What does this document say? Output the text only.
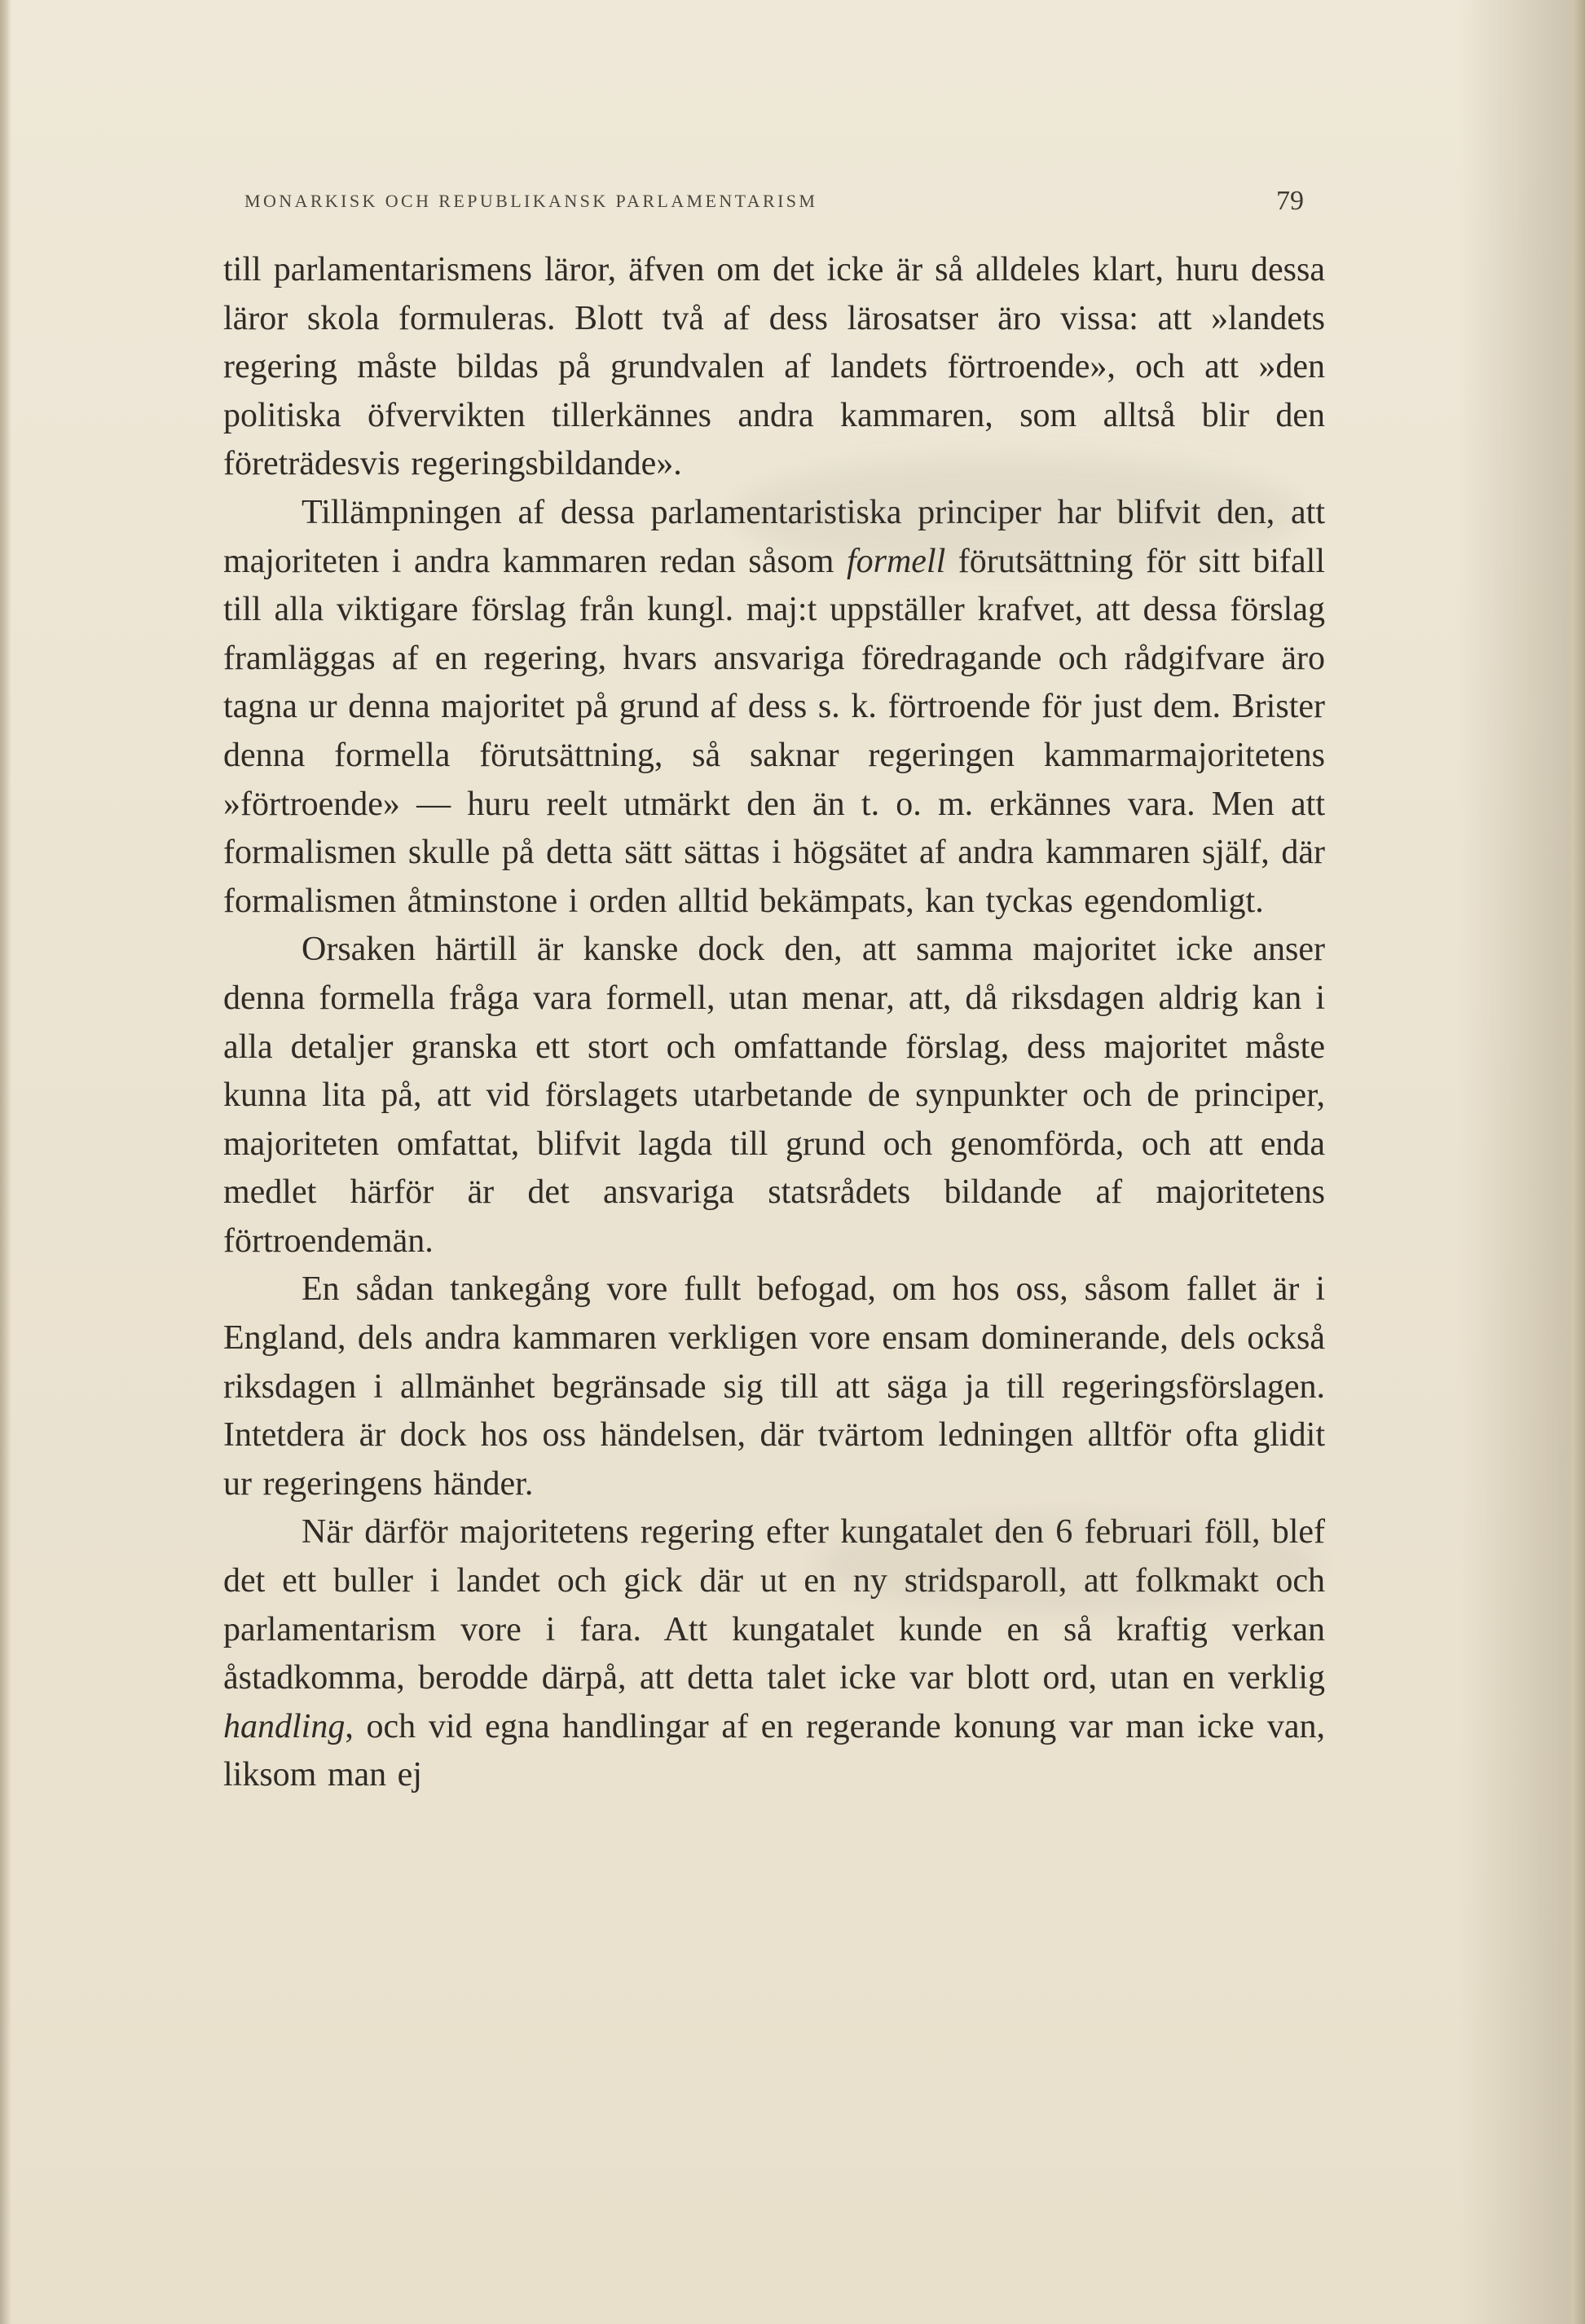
MONARKISK OCH REPUBLIKANSK PARLAMENTARISM	79

till parlamentarismens läror, äfven om det icke är så alldeles klart, huru dessa läror skola formuleras. Blott två af dess lärosatser äro vissa: att »landets regering måste bildas på grundvalen af landets förtroende», och att »den politiska öfvervikten tillerkännes andra kammaren, som alltså blir den företrädesvis regeringsbildande».

Tillämpningen af dessa parlamentaristiska principer har blifvit den, att majoriteten i andra kammaren redan såsom formell förutsättning för sitt bifall till alla viktigare förslag från kungl. maj:t uppställer krafvet, att dessa förslag framläggas af en regering, hvars ansvariga föredragande och rådgifvare äro tagna ur denna majoritet på grund af dess s. k. förtroende för just dem. Brister denna formella förutsättning, så saknar regeringen kammarmajoritetens »förtroende» — huru reelt utmärkt den än t. o. m. erkännes vara. Men att formalismen skulle på detta sätt sättas i högsätet af andra kammaren själf, där formalismen åtminstone i orden alltid bekämpats, kan tyckas egendomligt.

Orsaken härtill är kanske dock den, att samma majoritet icke anser denna formella fråga vara formell, utan menar, att, då riksdagen aldrig kan i alla detaljer granska ett stort och omfattande förslag, dess majoritet måste kunna lita på, att vid förslagets utarbetande de synpunkter och de principer, majoriteten omfattat, blifvit lagda till grund och genomförda, och att enda medlet härför är det ansvariga statsrådets bildande af majoritetens förtroendemän.

En sådan tankegång vore fullt befogad, om hos oss, såsom fallet är i England, dels andra kammaren verkligen vore ensam dominerande, dels också riksdagen i allmänhet begränsade sig till att säga ja till regeringsförslagen. Intetdera är dock hos oss händelsen, där tvärtom ledningen alltför ofta glidit ur regeringens händer.

När därför majoritetens regering efter kungatalet den 6 februari föll, blef det ett buller i landet och gick där ut en ny stridsparoll, att folkmakt och parlamentarism vore i fara. Att kungatalet kunde en så kraftig verkan åstadkomma, berodde därpå, att detta talet icke var blott ord, utan en verklig handling, och vid egna handlingar af en regerande konung var man icke van, liksom man ej
